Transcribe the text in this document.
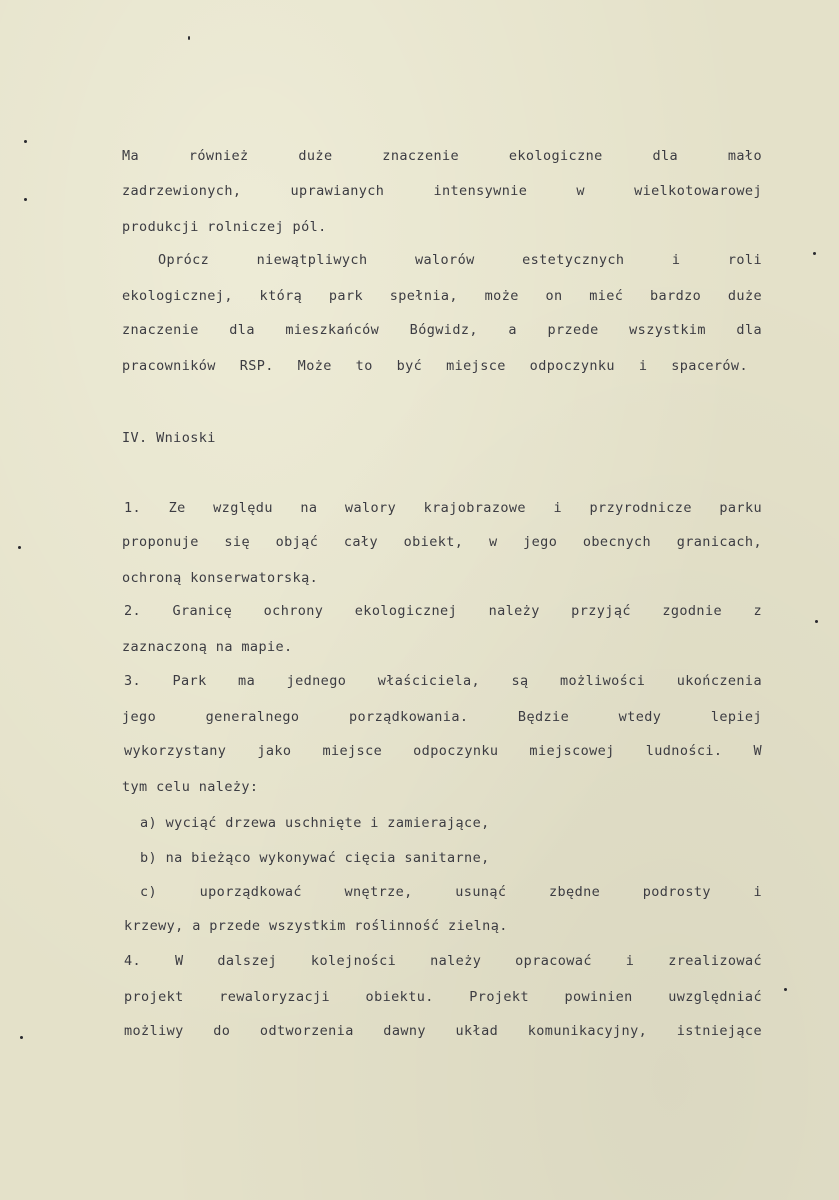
Ma również duże znaczenie ekologiczne dla mało
zadrzewionych, uprawianych intensywnie w wielkotowarowej
produkcji rolniczej pól.
Oprócz niewątpliwych walorów estetycznych i roli
ekologicznej, którą park spełnia, może on mieć bardzo duże
znaczenie dla mieszkańców Bógwidz, a przede wszystkim dla
pracowników RSP. Może to być miejsce odpoczynku i spacerów.
IV. Wnioski
1. Ze względu na walory krajobrazowe i przyrodnicze parku
proponuje się objąć cały obiekt, w jego obecnych granicach,
ochroną konserwatorską.
2. Granicę ochrony ekologicznej należy przyjąć zgodnie z
zaznaczoną na mapie.
3. Park ma jednego właściciela, są możliwości ukończenia
jego generalnego porządkowania. Będzie wtedy lepiej
wykorzystany jako miejsce odpoczynku miejscowej ludności. W
tym celu należy:
a) wyciąć drzewa uschnięte i zamierające,
b) na bieżąco wykonywać cięcia sanitarne,
c) uporządkować wnętrze, usunąć zbędne podrosty i
krzewy, a przede wszystkim roślinność zielną.
4. W dalszej kolejności należy opracować i zrealizować
projekt rewaloryzacji obiektu. Projekt powinien uwzględniać
możliwy do odtworzenia dawny układ komunikacyjny, istniejące
